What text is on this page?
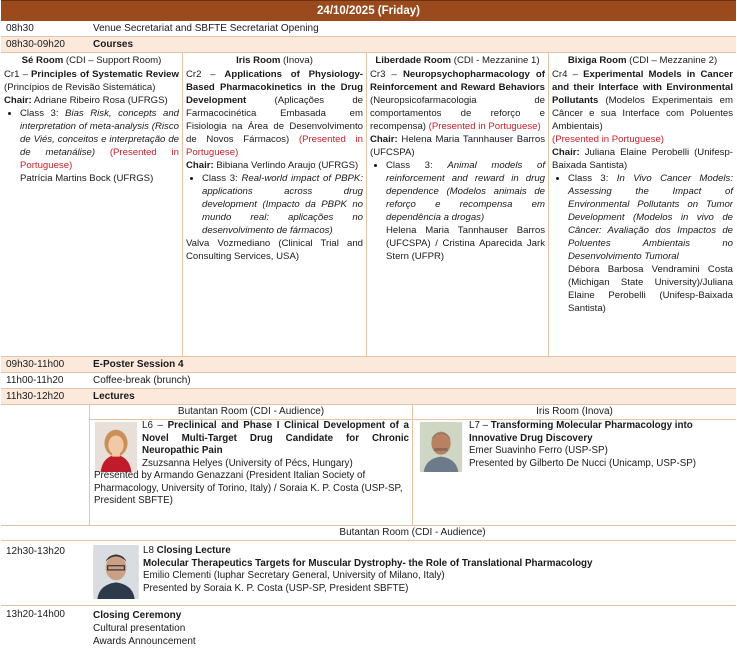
24/10/2025 (Friday)
08h30	Venue Secretariat and SBFTE Secretariat Opening
08h30-09h20	Courses
Sé Room (CDI – Support Room)

Cr1 – Principles of Systematic Review (Princípios de Revisão Sistemática)

Chair: Adriane Ribeiro Rosa (UFRGS)

• Class 3: Bias Risk, concepts and interpretation of meta-analysis (Risco de Viés, conceitos e interpretação de de metanálise) (Presented in Portuguese)

Patrícia Martins Bock (UFRGS)

Iris Room (Inova)

Cr2 – Applications of Physiology-Based Pharmacokinetics in the Drug Development (Aplicações de Farmacocinética Embasada em Fisiologia na Área de Desenvolvimento de Novos Fármacos) (Presented in Portuguese)

Chair: Bibiana Verlindo Araujo (UFRGS)

• Class 3: Real-world impact of PBPK: applications across drug development (Impacto da PBPK no mundo real: aplicações no desenvolvimento de fármacos)

Valva Vozmediano (Clinical Trial and Consulting Services, USA)

Liberdade Room (CDI - Mezzanine 1)

Cr3 – Neuropsychopharmacology of Reinforcement and Reward Behaviors (Neuropsicofarmacologia de comportamentos de reforço e recompensa) (Presented in Portuguese)

Chair: Helena Maria Tannhauser Barros (UFCSPA)

• Class 3: Animal models of reinforcement and reward in drug dependence (Modelos animais de reforço e recompensa em dependência a drogas)

Helena Maria Tannhauser Barros (UFCSPA) / Cristina Aparecida Jark Stern (UFPR)

Bixiga Room (CDI – Mezzanine 2)

Cr4 – Experimental Models in Cancer and their Interface with Environmental Pollutants (Modelos Experimentais em Câncer e sua Interface com Poluentes Ambientais)

(Presented in Portuguese)

Chair: Juliana Elaine Perobelli (Unifesp-Baixada Santista)

• Class 3: In Vivo Cancer Models: Assessing the Impact of Environmental Pollutants on Tumor Development (Modelos in vivo de Câncer: Avaliação dos Impactos de Poluentes Ambientais no Desenvolvimento Tumoral

Débora Barbosa Vendramini Costa (Michigan State University)/Juliana Elaine Perobelli (Unifesp-Baixada Santista)

09h30-11h00	E-Poster Session 4
11h00-11h20	Coffee-break (brunch)
11h30-12h20	Lectures
Butantan Room (CDI - Audience)
L6 – Preclinical and Phase I Clinical Development of a Novel Multi-Target Drug Candidate for Chronic Neuropathic Pain
Zsuzsanna Helyes (University of Pécs, Hungary)
Presented by Armando Genazzani (President Italian Society of Pharmacology, University of Torino, Italy) / Soraia K. P. Costa (USP-SP, President SBFTE)
Iris Room (Inova)
L7 – Transforming Molecular Pharmacology into Innovative Drug Discovery
Emer Suavinho Ferro (USP-SP)
Presented by Gilberto De Nucci (Unicamp, USP-SP)
Butantan Room (CDI - Audience)
12h30-13h20	L8 Closing Lecture
Molecular Therapeutics Targets for Muscular Dystrophy- the Role of Translational Pharmacology
Emilio Clementi (Iuphar Secretary General, University of Milano, Italy)
Presented by Soraia K. P. Costa (USP-SP, President SBFTE)
13h20-14h00	Closing Ceremony
Cultural presentation
Awards Announcement
